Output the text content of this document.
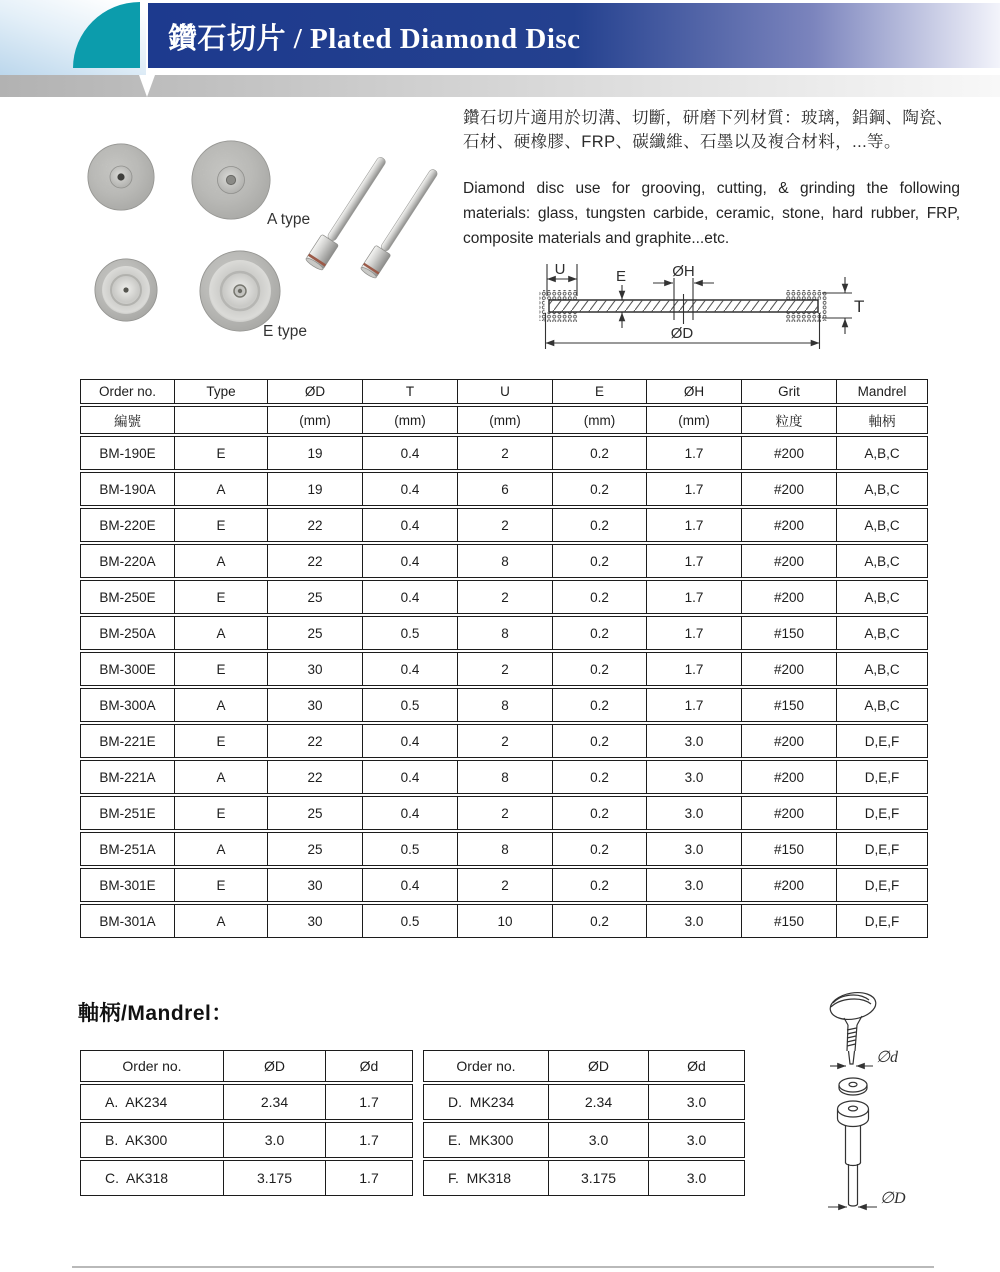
鑽石切片 / Plated Diamond Disc
A type
E type
鑽石切片適用於切溝、切斷，研磨下列材質：玻璃，鋁鋼、陶瓷、石材、硬橡膠、FRP、碳纖維、石墨以及複合材料，...等。
Diamond disc use for grooving, cutting, & grinding the following materials: glass, tungsten carbide, ceramic, stone, hard rubber, FRP, composite materials and graphite...etc.
U	E	ØH
ØD
T
Order no.	Type	ØD	T	U	E	ØH	Grit	Mandrel
編號		(mm)	(mm)	(mm)	(mm)	(mm)	粒度	軸柄
BM-190E	E	19	0.4	2	0.2	1.7	#200	A,B,C
BM-190A	A	19	0.4	6	0.2	1.7	#200	A,B,C
BM-220E	E	22	0.4	2	0.2	1.7	#200	A,B,C
BM-220A	A	22	0.4	8	0.2	1.7	#200	A,B,C
BM-250E	E	25	0.4	2	0.2	1.7	#200	A,B,C
BM-250A	A	25	0.5	8	0.2	1.7	#150	A,B,C
BM-300E	E	30	0.4	2	0.2	1.7	#200	A,B,C
BM-300A	A	30	0.5	8	0.2	1.7	#150	A,B,C
BM-221E	E	22	0.4	2	0.2	3.0	#200	D,E,F
BM-221A	A	22	0.4	8	0.2	3.0	#200	D,E,F
BM-251E	E	25	0.4	2	0.2	3.0	#200	D,E,F
BM-251A	A	25	0.5	8	0.2	3.0	#150	D,E,F
BM-301E	E	30	0.4	2	0.2	3.0	#200	D,E,F
BM-301A	A	30	0.5	10	0.2	3.0	#150	D,E,F
軸柄/Mandrel：
Order no.	ØD	Ød
A.  AK234	2.34	1.7
B.  AK300	3.0	1.7
C.  AK318	3.175	1.7
Order no.	ØD	Ød
D.  MK234	2.34	3.0
E.  MK300	3.0	3.0
F.  MK318	3.175	3.0
∅d
∅D
